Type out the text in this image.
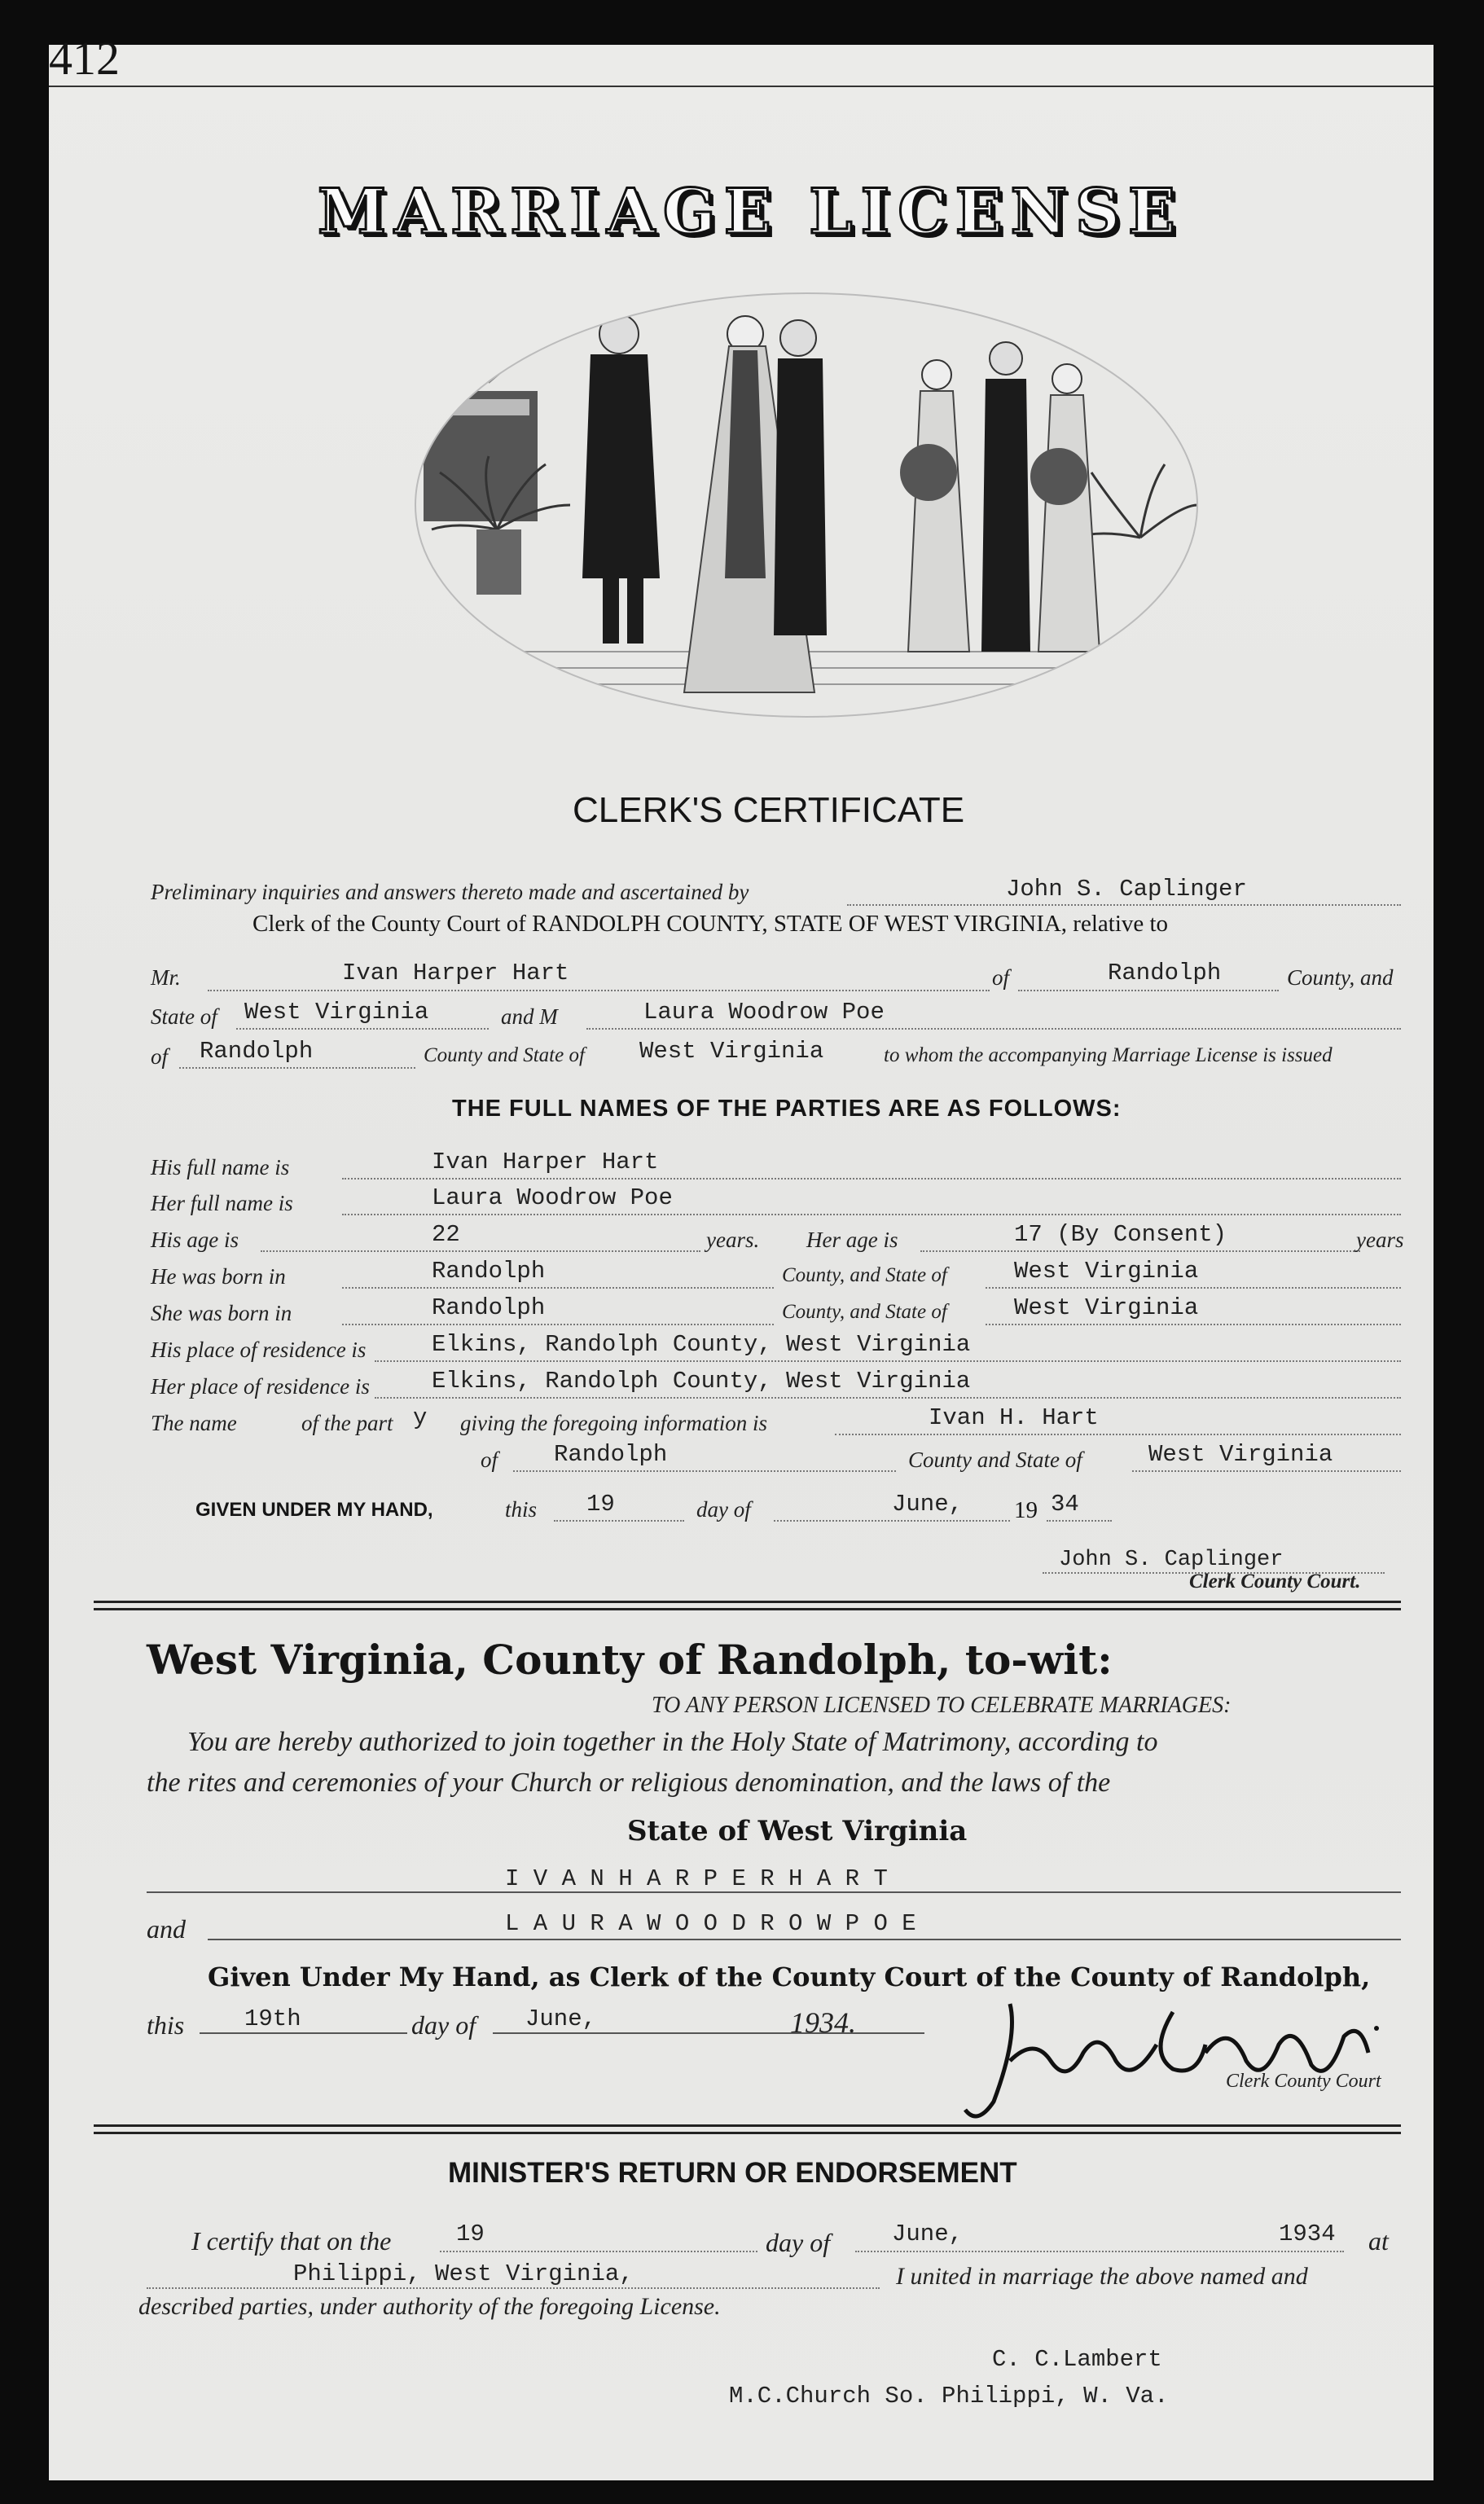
412
MARRIAGE LICENSE
CLERK'S CERTIFICATE
Preliminary inquiries and answers thereto made and ascertained by	John S. Caplinger
Clerk of the County Court of RANDOLPH COUNTY, STATE OF WEST VIRGINIA, relative to
Mr.	Ivan Harper Hart	of	Randolph	County, and
State of West Virginia	and M	Laura Woodrow Poe
of Randolph	County and State of West Virginia	to whom the accompanying Marriage License is issued
THE FULL NAMES OF THE PARTIES ARE AS FOLLOWS:
His full name is	Ivan Harper Hart
Her full name is	Laura Woodrow Poe
His age is	22	years. Her age is	17 (By Consent)	years
He was born in	Randolph	County, and State of	West Virginia
She was born in	Randolph	County, and State of	West Virginia
His place of residence is	Elkins, Randolph County, West Virginia
Her place of residence is	Elkins, Randolph County, West Virginia
The name	of the part y giving the foregoing information is	Ivan H. Hart
of Randolph	County and State of	West Virginia
GIVEN UNDER MY HAND,	this 19	day of	June, 19 34
John S. Caplinger
Clerk County Court.
West Virginia, County of Randolph, to-wit:
TO ANY PERSON LICENSED TO CELEBRATE MARRIAGES:
You are hereby authorized to join together in the Holy State of Matrimony, according to
the rites and ceremonies of your Church or religious denomination, and the laws of the
State of West Virginia
I V A N H A R P E R H A R T
and	L A U R A W O O D R O W P O E
Given Under My Hand, as Clerk of the County Court of the County of Randolph,
this	19th	day of June,	1934.
Clerk County Court
MINISTER'S RETURN OR ENDORSEMENT
I certify that on the	19	day of	June,	1934 at
Philippi, West Virginia,	I united in marriage the above named and
described parties, under authority of the foregoing License.
C. C.Lambert
M.C.Church So. Philippi, W. Va.
